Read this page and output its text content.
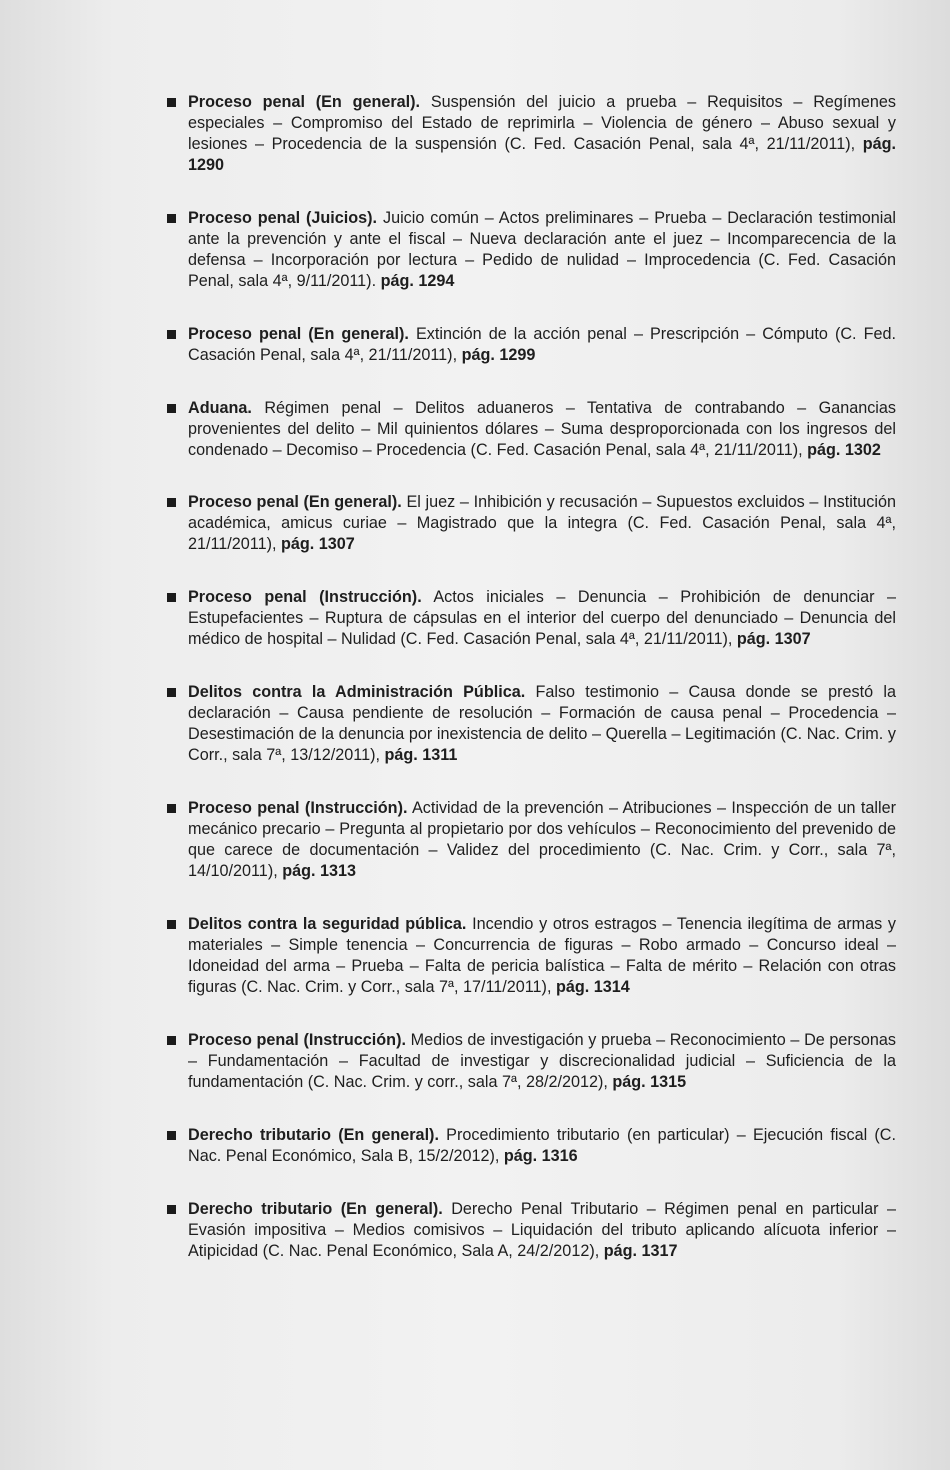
Proceso penal (En general). Suspensión del juicio a prueba – Requisitos – Regímenes especiales – Compromiso del Estado de reprimirla – Violencia de género – Abuso sexual y lesiones – Procedencia de la suspensión (C. Fed. Casación Penal, sala 4ª, 21/11/2011), pág. 1290
Proceso penal (Juicios). Juicio común – Actos preliminares – Prueba – Declaración testimonial ante la prevención y ante el fiscal – Nueva declaración ante el juez – Incomparecencia de la defensa – Incorporación por lectura – Pedido de nulidad – Improcedencia (C. Fed. Casación Penal, sala 4ª, 9/11/2011). pág. 1294
Proceso penal (En general). Extinción de la acción penal – Prescripción – Cómputo (C. Fed. Casación Penal, sala 4ª, 21/11/2011), pág. 1299
Aduana. Régimen penal – Delitos aduaneros – Tentativa de contrabando – Ganancias provenientes del delito – Mil quinientos dólares – Suma desproporcionada con los ingresos del condenado – Decomiso – Procedencia (C. Fed. Casación Penal, sala 4ª, 21/11/2011), pág. 1302
Proceso penal (En general). El juez – Inhibición y recusación – Supuestos excluidos – Institución académica, amicus curiae – Magistrado que la integra (C. Fed. Casación Penal, sala 4ª, 21/11/2011), pág. 1307
Proceso penal (Instrucción). Actos iniciales – Denuncia – Prohibición de denunciar – Estupefacientes – Ruptura de cápsulas en el interior del cuerpo del denunciado – Denuncia del médico de hospital – Nulidad (C. Fed. Casación Penal, sala 4ª, 21/11/2011), pág. 1307
Delitos contra la Administración Pública. Falso testimonio – Causa donde se prestó la declaración – Causa pendiente de resolución – Formación de causa penal – Procedencia – Desestimación de la denuncia por inexistencia de delito – Querella – Legitimación (C. Nac. Crim. y Corr., sala 7ª, 13/12/2011), pág. 1311
Proceso penal (Instrucción). Actividad de la prevención – Atribuciones – Inspección de un taller mecánico precario – Pregunta al propietario por dos vehículos – Reconocimiento del prevenido de que carece de documentación – Validez del procedimiento (C. Nac. Crim. y Corr., sala 7ª, 14/10/2011), pág. 1313
Delitos contra la seguridad pública. Incendio y otros estragos – Tenencia ilegítima de armas y materiales – Simple tenencia – Concurrencia de figuras – Robo armado – Concurso ideal – Idoneidad del arma – Prueba – Falta de pericia balística – Falta de mérito – Relación con otras figuras (C. Nac. Crim. y Corr., sala 7ª, 17/11/2011), pág. 1314
Proceso penal (Instrucción). Medios de investigación y prueba – Reconocimiento – De personas – Fundamentación – Facultad de investigar y discrecionalidad judicial – Suficiencia de la fundamentación (C. Nac. Crim. y corr., sala 7ª, 28/2/2012), pág. 1315
Derecho tributario (En general). Procedimiento tributario (en particular) – Ejecución fiscal (C. Nac. Penal Económico, Sala B, 15/2/2012), pág. 1316
Derecho tributario (En general). Derecho Penal Tributario – Régimen penal en particular – Evasión impositiva – Medios comisivos – Liquidación del tributo aplicando alícuota inferior – Atipicidad (C. Nac. Penal Económico, Sala A, 24/2/2012), pág. 1317
